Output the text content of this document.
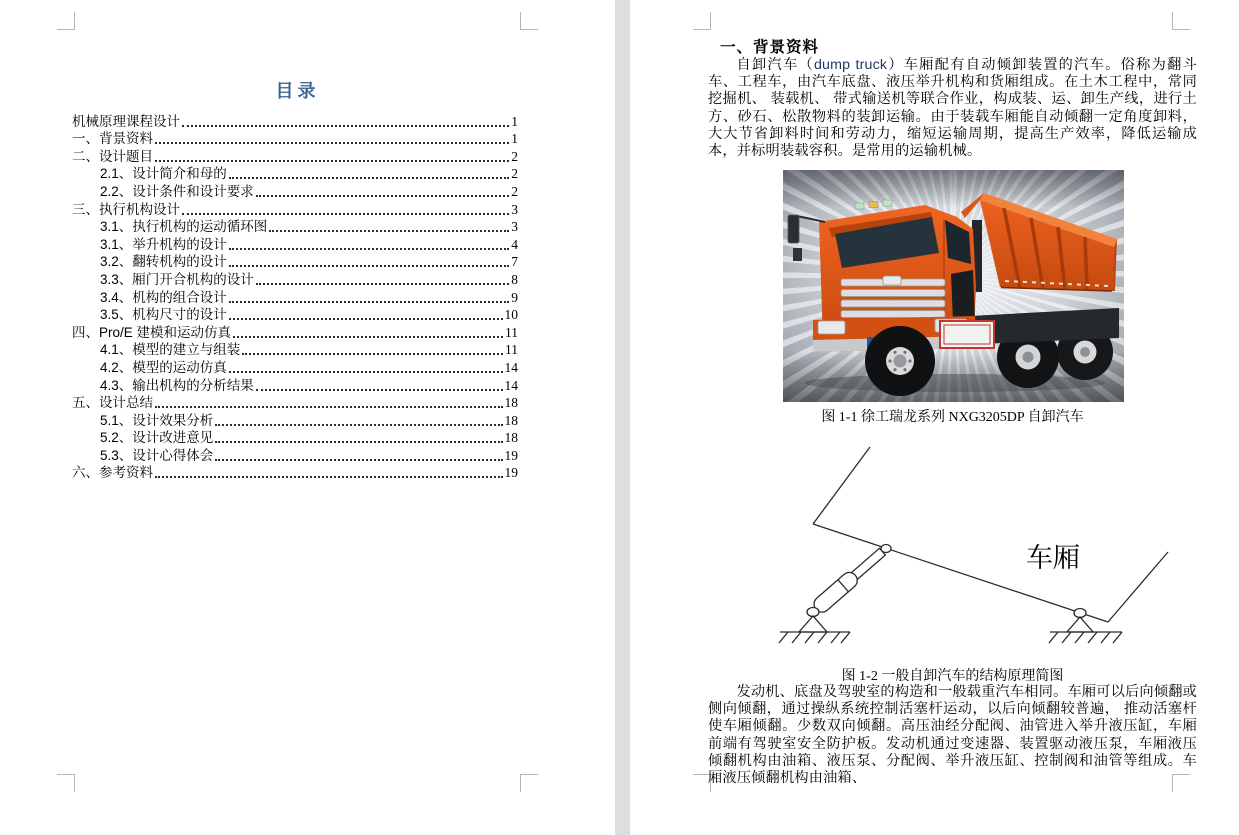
目录
机械原理课程设计	1
一、背景资料	1
二、设计题目	2
2.1、设计简介和母的	2
2.2、设计条件和设计要求	2
三、执行机构设计	3
3.1、执行机构的运动循环图	3
3.1、举升机构的设计	4
3.2、翻转机构的设计	7
3.3、厢门开合机构的设计	8
3.4、机构的组合设计	9
3.5、机构尺寸的设计	10
四、Pro/E 建模和运动仿真	11
4.1、模型的建立与组装	11
4.2、模型的运动仿真	14
4.3、输出机构的分析结果	14
五、设计总结	18
5.1、设计效果分析	18
5.2、设计改进意见	18
5.3、设计心得体会	19
六、参考资料	19
一、背景资料
自卸汽车（dump truck）车厢配有自动倾卸装置的汽车。俗称为翻斗车、工程车，由汽车底盘、液压举升机构和货厢组成。在土木工程中，常同挖掘机、 装载机、 带式输送机等联合作业，构成装、运、卸生产线，进行土方、砂石、松散物料的装卸运输。由于装载车厢能自动倾翻一定角度卸料，大大节省卸料时间和劳动力，缩短运输周期，提高生产效率，降低运输成本，并标明装载容积。是常用的运输机械。
图 1-1 徐工瑞龙系列 NXG3205DP 自卸汽车
车厢
图 1-2 一般自卸汽车的结构原理简图
发动机、底盘及驾驶室的构造和一般载重汽车相同。车厢可以后向倾翻或侧向倾翻，通过操纵系统控制活塞杆运动，以后向倾翻较普遍， 推动活塞杆使车厢倾翻。少数双向倾翻。高压油经分配阀、油管进入举升液压缸，车厢前端有驾驶室安全防护板。发动机通过变速器、装置驱动液压泵，车厢液压倾翻机构由油箱、液压泵、分配阀、举升液压缸、控制阀和油管等组成。车厢液压倾翻机构由油箱、
